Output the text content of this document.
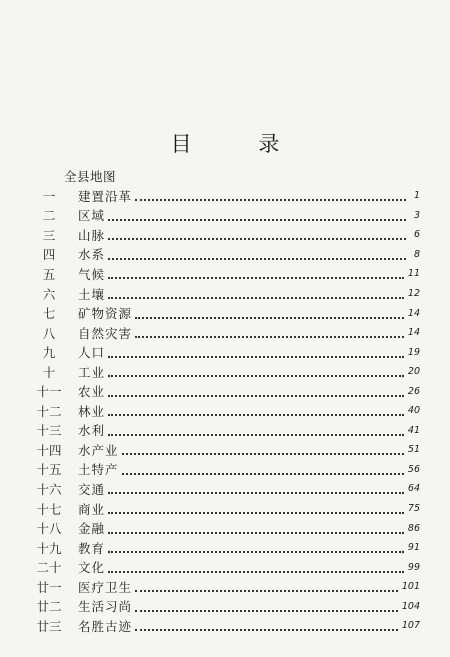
目 录
全县地图
一	建置沿革	1
二	区域	3
三	山脉	6
四	水系	8
五	气候	11
六	土壤	12
七	矿物资源	14
八	自然灾害	14
九	人口	19
十	工业	20
十一	农业	26
十二	林业	40
十三	水利	41
十四	水产业	51
十五	土特产	56
十六	交通	64
十七	商业	75
十八	金融	86
十九	教育	91
二十	文化	99
廿一	医疗卫生	101
廿二	生活习尚	104
廿三	名胜古迹	107
